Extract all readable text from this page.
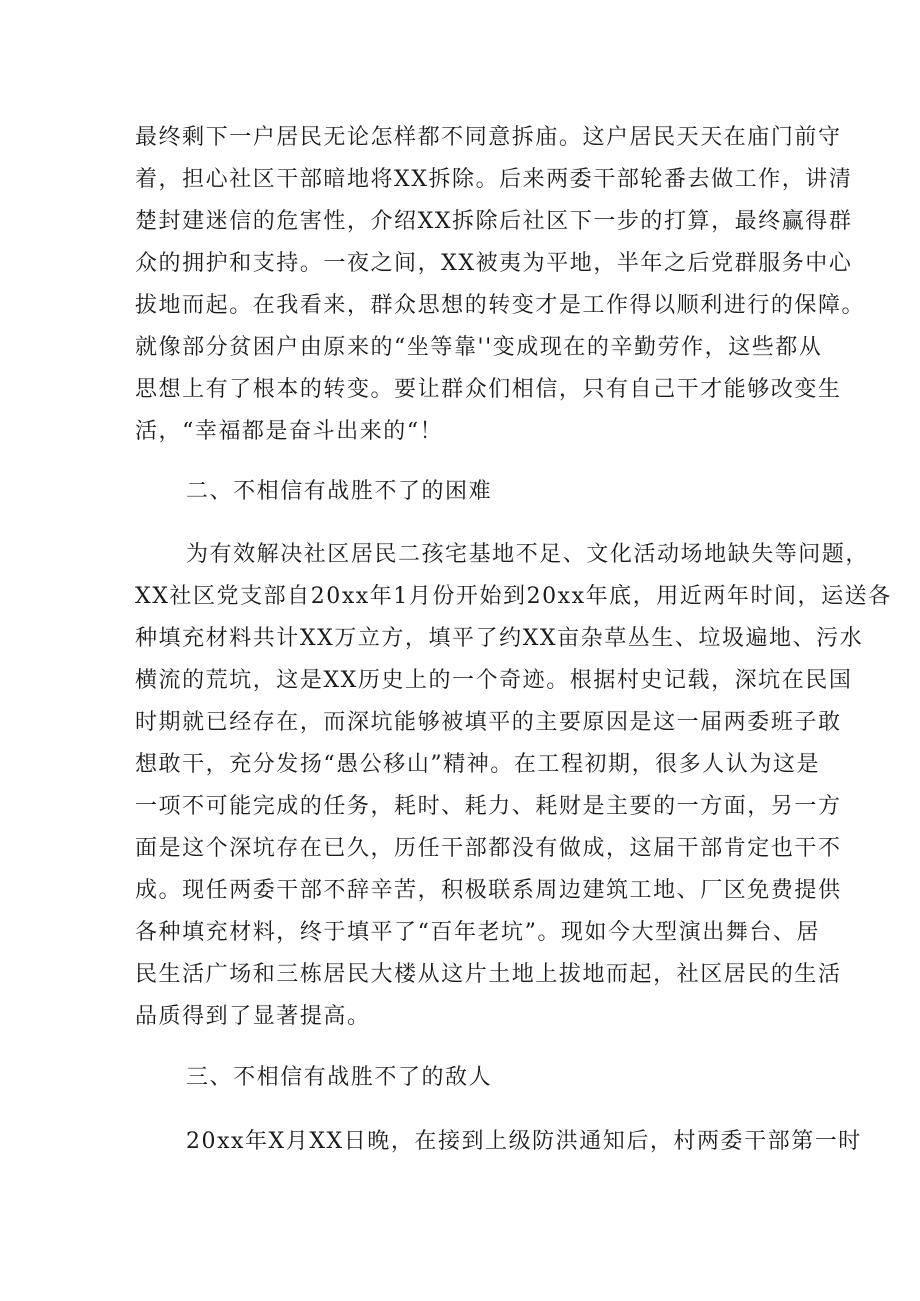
最终剩下一户居民无论怎样都不同意拆庙。这户居民天天在庙门前守
着，担心社区干部暗地将XX拆除。后来两委干部轮番去做工作，讲清
楚封建迷信的危害性，介绍XX拆除后社区下一步的打算，最终赢得群
众的拥护和支持。一夜之间，XX被夷为平地，半年之后党群服务中心
拔地而起。在我看来，群众思想的转变才是工作得以顺利进行的保障。
就像部分贫困户由原来的“坐等靠''变成现在的辛勤劳作，这些都从
思想上有了根本的转变。要让群众们相信，只有自己干才能够改变生
活，“幸福都是奋斗出来的“！
二、不相信有战胜不了的困难
为有效解决社区居民二孩宅基地不足、文化活动场地缺失等问题，
XX社区党支部自20xx年1月份开始到20xx年底，用近两年时间，运送各
种填充材料共计XX万立方，填平了约XX亩杂草丛生、垃圾遍地、污水
横流的荒坑，这是XX历史上的一个奇迹。根据村史记载，深坑在民国
时期就已经存在，而深坑能够被填平的主要原因是这一届两委班子敢
想敢干，充分发扬“愚公移山”精神。在工程初期，很多人认为这是
一项不可能完成的任务，耗时、耗力、耗财是主要的一方面，另一方
面是这个深坑存在已久，历任干部都没有做成，这届干部肯定也干不
成。现任两委干部不辞辛苦，积极联系周边建筑工地、厂区免费提供
各种填充材料，终于填平了“百年老坑”。现如今大型演出舞台、居
民生活广场和三栋居民大楼从这片土地上拔地而起，社区居民的生活
品质得到了显著提高。
三、不相信有战胜不了的敌人
20xx年X月XX日晚，在接到上级防洪通知后，村两委干部第一时
